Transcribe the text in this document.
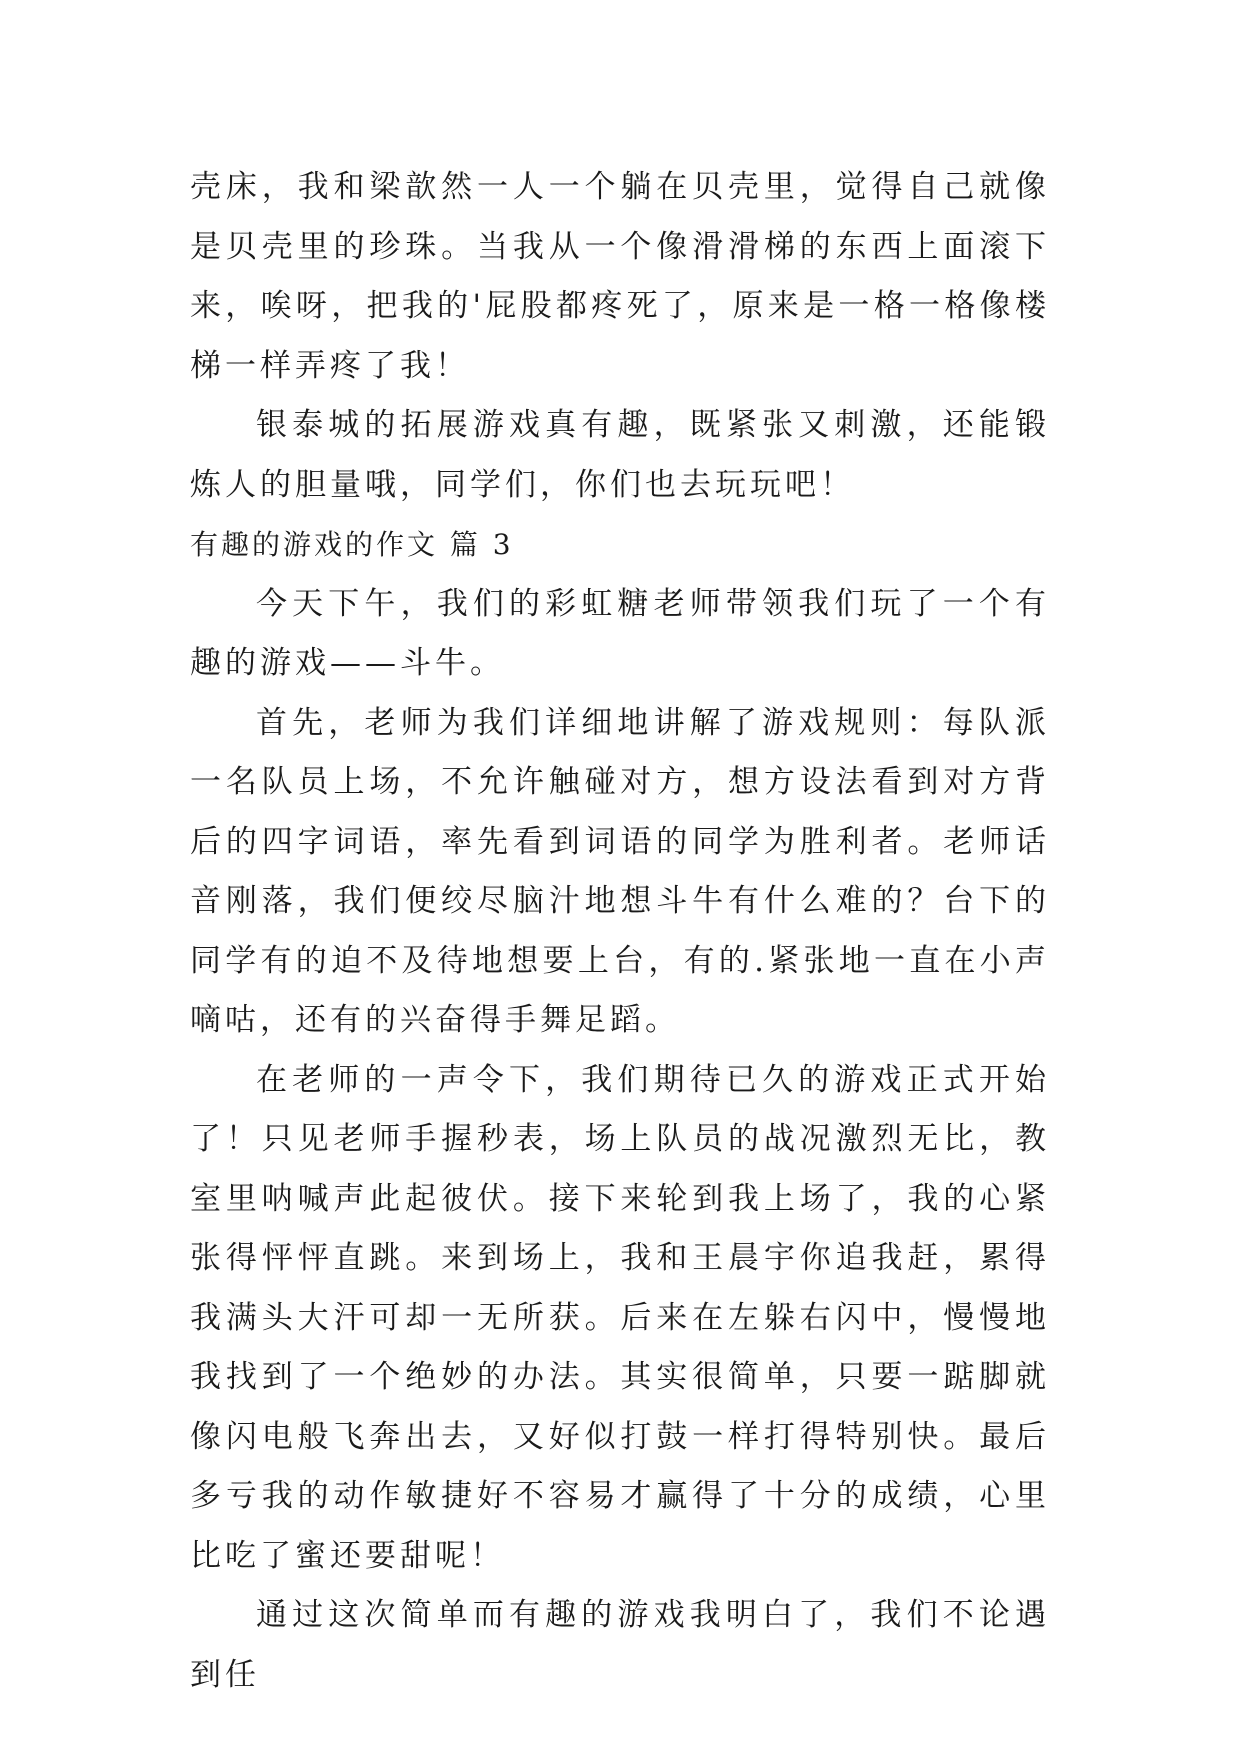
壳床，我和梁歆然一人一个躺在贝壳里，觉得自己就像是贝壳里的珍珠。当我从一个像滑滑梯的东西上面滚下来，唉呀，把我的'屁股都疼死了，原来是一格一格像楼梯一样弄疼了我！

银泰城的拓展游戏真有趣，既紧张又刺激，还能锻炼人的胆量哦，同学们，你们也去玩玩吧！

有趣的游戏的作文 篇 3

今天下午，我们的彩虹糖老师带领我们玩了一个有趣的游戏——斗牛。

首先，老师为我们详细地讲解了游戏规则：每队派一名队员上场，不允许触碰对方，想方设法看到对方背后的四字词语，率先看到词语的同学为胜利者。老师话音刚落，我们便绞尽脑汁地想斗牛有什么难的？台下的同学有的迫不及待地想要上台，有的.紧张地一直在小声嘀咕，还有的兴奋得手舞足蹈。

在老师的一声令下，我们期待已久的游戏正式开始了！只见老师手握秒表，场上队员的战况激烈无比，教室里呐喊声此起彼伏。接下来轮到我上场了，我的心紧张得怦怦直跳。来到场上，我和王晨宇你追我赶，累得我满头大汗可却一无所获。后来在左躲右闪中，慢慢地我找到了一个绝妙的办法。其实很简单，只要一踮脚就像闪电般飞奔出去，又好似打鼓一样打得特别快。最后多亏我的动作敏捷好不容易才赢得了十分的成绩，心里比吃了蜜还要甜呢！

通过这次简单而有趣的游戏我明白了，我们不论遇到任
